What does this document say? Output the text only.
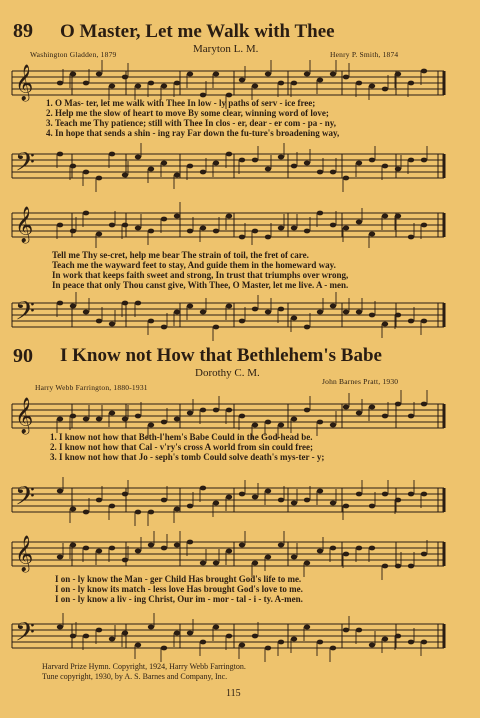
89 O Master, Let me Walk with Thee
Maryton L. M.
Washington Gladden, 1879	Henry P. Smith, 1874
𝄞
1. O Mas- ter, let me walk with Thee In low - ly paths of serv - ice free;
2. Help me the slow of heart to move By some clear, winning word of love;
3. Teach me Thy patience; still with Thee In clos - er, dear - er com - pa - ny,
4. In hope that sends a shin - ing ray Far down the fu-ture's broadening way,
𝄢
𝄞
Tell me Thy se-cret, help me bear The strain of toil, the fret of care.
Teach me the wayward feet to stay, And guide them in the homeward way.
In work that keeps faith sweet and strong, In trust that triumphs over wrong,
In peace that only Thou canst give, With Thee, O Master, let me live. A - men.
𝄢
90 I Know not How that Bethlehem's Babe
Dorothy C. M.
Harry Webb Farrington, 1880-1931
John Barnes Pratt, 1930
𝄞
1. I know not how that Beth-l'hem's Babe Could in the God-head be.
2. I know not how that Cal - v'ry's cross A world from sin could free;
3. I know not how that Jo - seph's tomb Could solve death's mys-ter - y;
𝄢
𝄞
I on - ly know the Man - ger Child Has brought God's life to me.
I on - ly know its match - less love Has brought God's love to me.
I on - ly know a liv - ing Christ, Our im - mor - tal - i - ty. A-men.
𝄢
Harvard Prize Hymn. Copyright, 1924, Harry Webb Farrington.
Tune copyright, 1930, by A. S. Barnes and Company, Inc.
115
